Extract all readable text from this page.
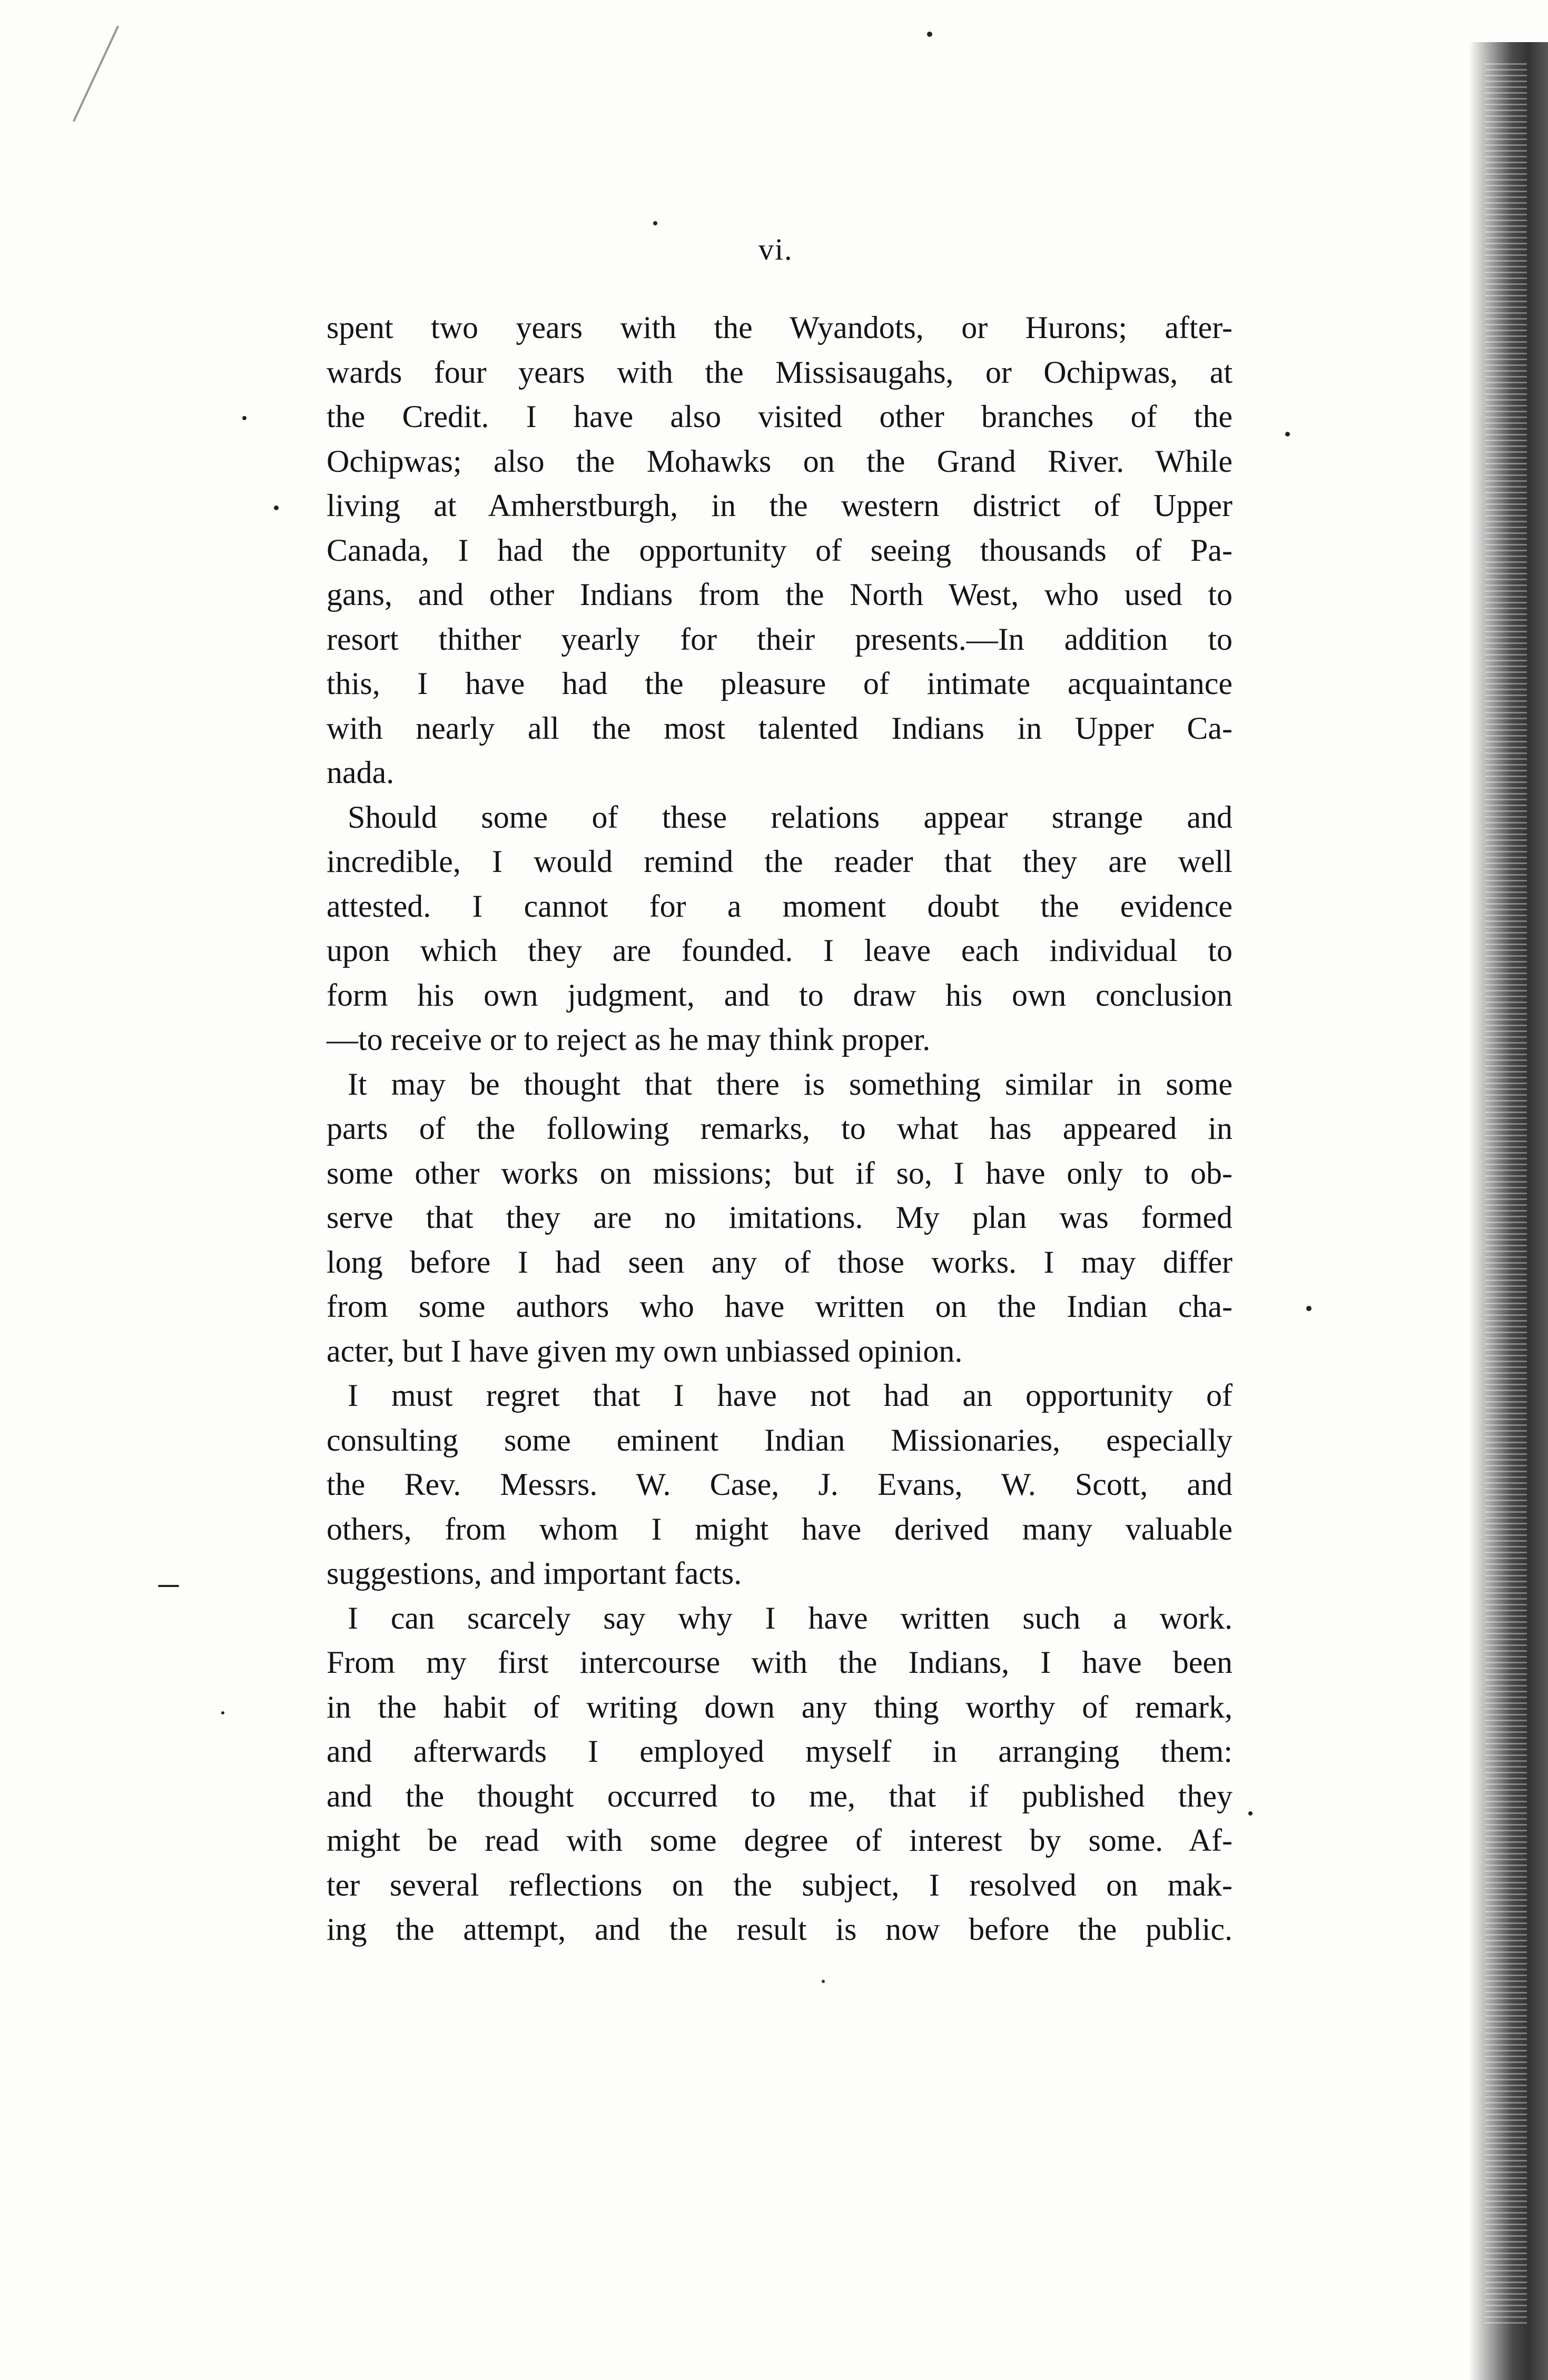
vi.
spent two years with the Wyandots, or Hurons; after-
wards four years with the Missisaugahs, or Ochipwas, at
the Credit. I have also visited other branches of the
Ochipwas; also the Mohawks on the Grand River. While
living at Amherstburgh, in the western district of Upper
Canada, I had the opportunity of seeing thousands of Pa-
gans, and other Indians from the North West, who used to
resort thither yearly for their presents.—In addition to
this, I have had the pleasure of intimate acquaintance
with nearly all the most talented Indians in Upper Ca-
nada.
Should some of these relations appear strange and
incredible, I would remind the reader that they are well
attested. I cannot for a moment doubt the evidence
upon which they are founded. I leave each individual to
form his own judgment, and to draw his own conclusion
—to receive or to reject as he may think proper.
It may be thought that there is something similar in some
parts of the following remarks, to what has appeared in
some other works on missions; but if so, I have only to ob-
serve that they are no imitations. My plan was formed
long before I had seen any of those works. I may differ
from some authors who have written on the Indian cha-
acter, but I have given my own unbiassed opinion.
I must regret that I have not had an opportunity of
consulting some eminent Indian Missionaries, especially
the Rev. Messrs. W. Case, J. Evans, W. Scott, and
others, from whom I might have derived many valuable
suggestions, and important facts.
I can scarcely say why I have written such a work.
From my first intercourse with the Indians, I have been
in the habit of writing down any thing worthy of remark,
and afterwards I employed myself in arranging them:
and the thought occurred to me, that if published they
might be read with some degree of interest by some. Af-
ter several reflections on the subject, I resolved on mak-
ing the attempt, and the result is now before the public.
